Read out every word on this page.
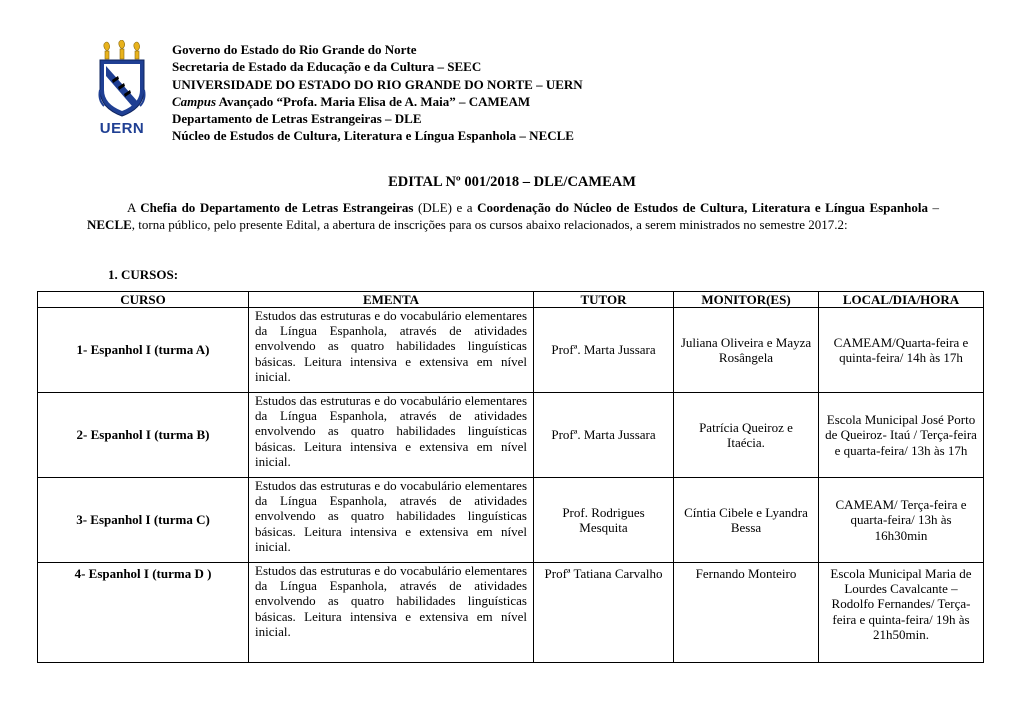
UERN
Governo do Estado do Rio Grande do Norte
Secretaria de Estado da Educação e da Cultura – SEEC
UNIVERSIDADE DO ESTADO DO RIO GRANDE DO NORTE – UERN
Campus Avançado “Profa. Maria Elisa de A. Maia” – CAMEAM
Departamento de Letras Estrangeiras – DLE
Núcleo de Estudos de Cultura, Literatura e Língua Espanhola – NECLE
EDITAL Nº 001/2018 – DLE/CAMEAM
A Chefia do Departamento de Letras Estrangeiras (DLE) e a Coordenação do Núcleo de Estudos de Cultura, Literatura e Língua Espanhola – NECLE, torna público, pelo presente Edital, a abertura de inscrições para os cursos abaixo relacionados, a serem ministrados no semestre 2017.2:
1. CURSOS:
CURSO	EMENTA	TUTOR	MONITOR(ES)	LOCAL/DIA/HORA
1- Espanhol I (turma A)	Estudos das estruturas e do vocabulário elementares da Língua Espanhola, através de atividades envolvendo as quatro habilidades linguísticas básicas. Leitura intensiva e extensiva em nível inicial.	Profª. Marta Jussara	Juliana Oliveira e Mayza Rosângela	CAMEAM/Quarta-feira e quinta-feira/ 14h às 17h
2- Espanhol I (turma B)	Estudos das estruturas e do vocabulário elementares da Língua Espanhola, através de atividades envolvendo as quatro habilidades linguísticas básicas. Leitura intensiva e extensiva em nível inicial.	Profª. Marta Jussara	Patrícia Queiroz e Itaécia.	Escola Municipal José Porto de Queiroz- Itaú / Terça-feira e quarta-feira/ 13h às 17h
3- Espanhol I (turma C)	Estudos das estruturas e do vocabulário elementares da Língua Espanhola, através de atividades envolvendo as quatro habilidades linguísticas básicas. Leitura intensiva e extensiva em nível inicial.	Prof. Rodrigues Mesquita	Cíntia Cibele e Lyandra Bessa	CAMEAM/ Terça-feira e quarta-feira/ 13h às 16h30min
4- Espanhol I (turma D )	Estudos das estruturas e do vocabulário elementares da Língua Espanhola, através de atividades envolvendo as quatro habilidades linguísticas básicas. Leitura intensiva e extensiva em nível inicial.	Profª Tatiana Carvalho	Fernando Monteiro	Escola Municipal Maria de Lourdes Cavalcante – Rodolfo Fernandes/ Terça-feira e quinta-feira/ 19h às 21h50min.
